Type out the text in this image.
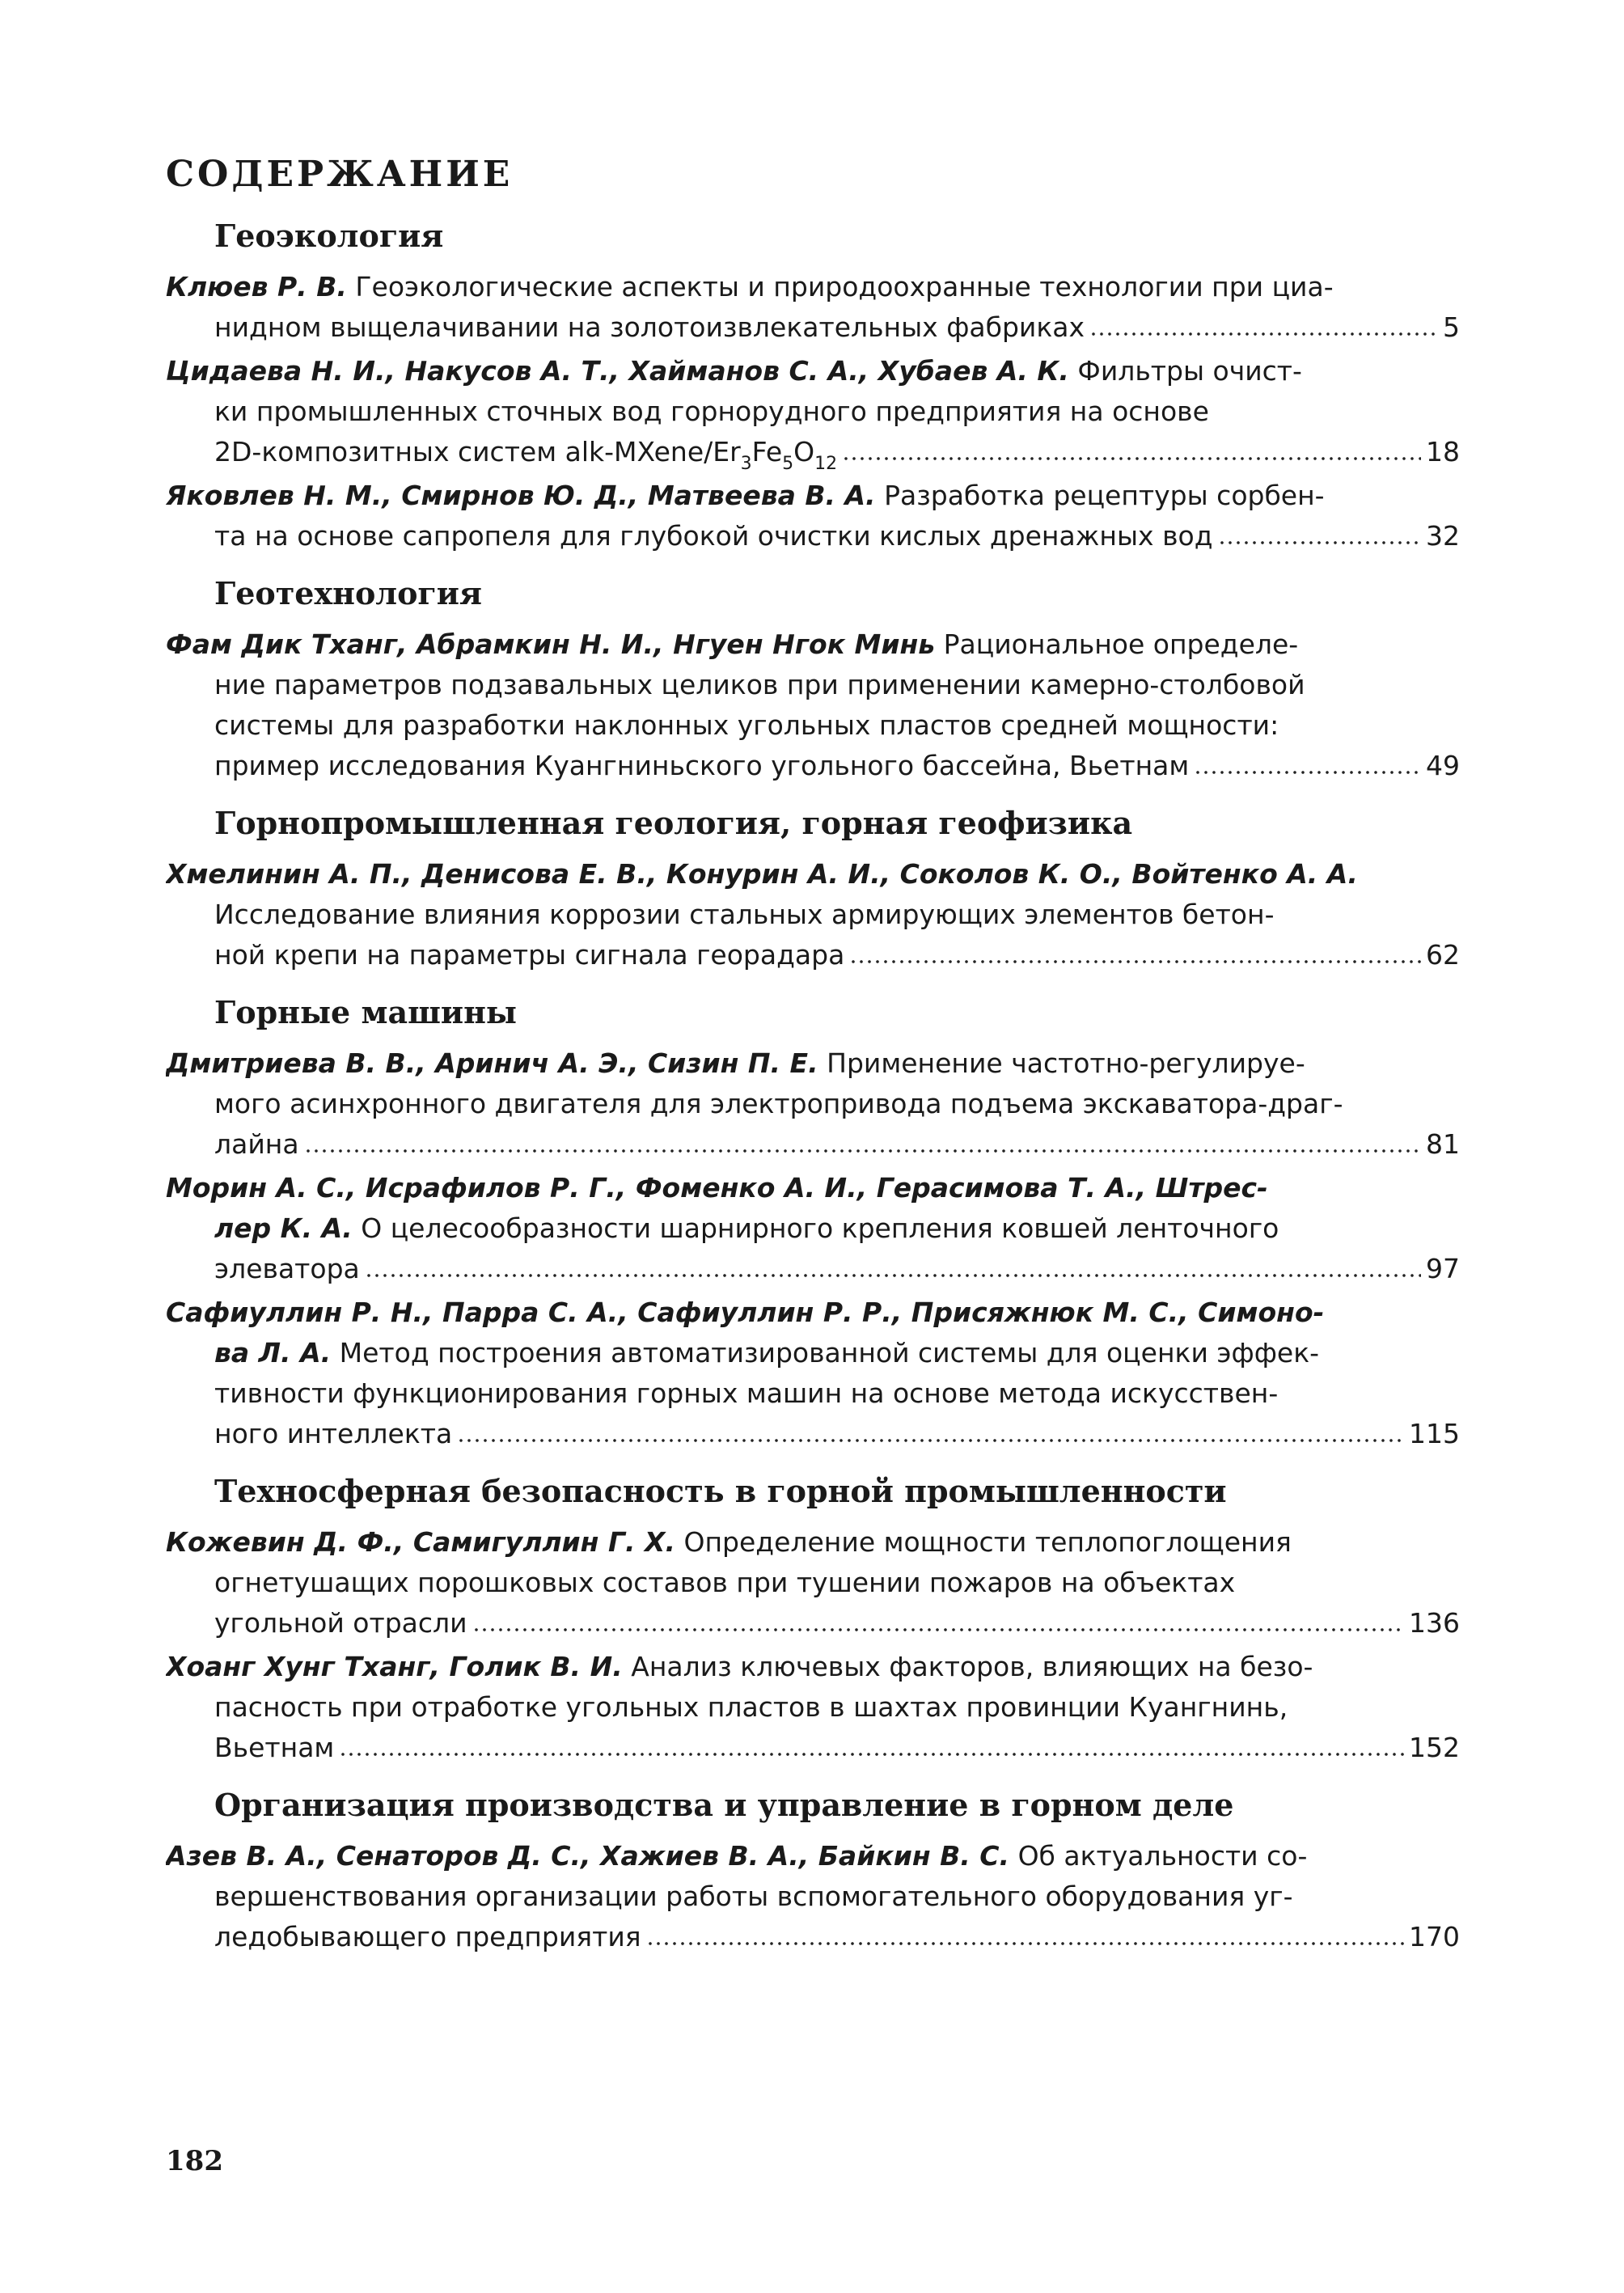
СОДЕРЖАНИЕ
Геоэкология
Клюев Р. В. Геоэкологические аспекты и природоохранные технологии при циа-
нидном выщелачивании на золотоизвлекательных фабриках	5
Цидаева Н. И., Накусов А. Т., Хайманов С. А., Хубаев А. К. Фильтры очист-
ки промышленных сточных вод горнорудного предприятия на основе
2D-композитных систем alk-$MXene/Er_3Fe_5O_{12}$	18
Яковлев Н. М., Смирнов Ю. Д., Матвеева В. А. Разработка рецептуры сорбен-
та на основе сапропеля для глубокой очистки кислых дренажных вод	32
Геотехнология
Фам Дик Тханг, Абрамкин Н. И., Нгуен Нгок Минь Рациональное определе-
ние параметров подзавальных целиков при применении камерно-столбовой
системы для разработки наклонных угольных пластов средней мощности:
пример исследования Куангниньского угольного бассейна, Вьетнам	49
Горнопромышленная геология, горная геофизика
Хмелинин А. П., Денисова Е. В., Конурин А. И., Соколов К. О., Войтенко А. А.
Исследование влияния коррозии стальных армирующих элементов бетон-
ной крепи на параметры сигнала георадара	62
Горные машины
Дмитриева В. В., Аринич А. Э., Сизин П. Е. Применение частотно-регулируе-
мого асинхронного двигателя для электропривода подъема экскаватора-драг-
лайна	81
Морин А. С., Исрафилов Р. Г., Фоменко А. И., Герасимова Т. А., Штрес-
лер К. А. О целесообразности шарнирного крепления ковшей ленточного
элеватора	97
Сафиуллин Р. Н., Парра С. А., Сафиуллин Р. Р., Присяжнюк М. С., Симоно-
ва Л. А. Метод построения автоматизированной системы для оценки эффек-
тивности функционирования горных машин на основе метода искусствен-
ного интеллекта	115
Техносферная безопасность в горной промышленности
Кожевин Д. Ф., Самигуллин Г. Х. Определение мощности теплопоглощения
огнетушащих порошковых составов при тушении пожаров на объектах
угольной отрасли	136
Хоанг Хунг Тханг, Голик В. И. Анализ ключевых факторов, влияющих на безо-
пасность при отработке угольных пластов в шахтах провинции Куангнинь,
Вьетнам	152
Организация производства и управление в горном деле
Азев В. А., Сенаторов Д. С., Хажиев В. А., Байкин В. С. Об актуальности со-
вершенствования организации работы вспомогательного оборудования уг-
ледобывающего предприятия	170
182
